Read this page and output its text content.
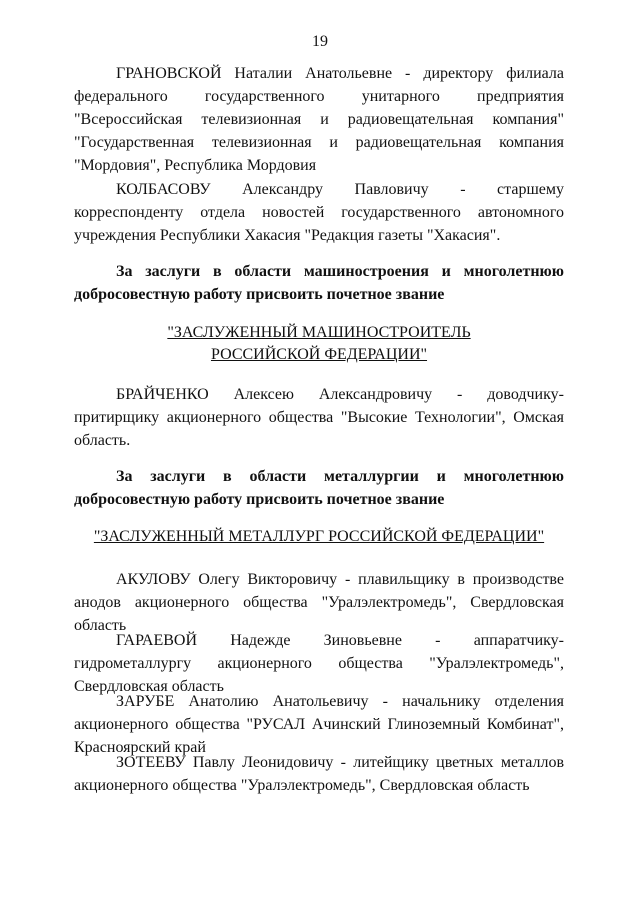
19

ГРАНОВСКОЙ Наталии Анатольевне - директору филиала федерального государственного унитарного предприятия "Всероссийская телевизионная и радиовещательная компания" "Государственная телевизионная и радиовещательная компания "Мордовия", Республика Мордовия

КОЛБАСОВУ Александру Павловичу - старшему корреспонденту отдела новостей государственного автономного учреждения Республики Хакасия "Редакция газеты "Хакасия".

За заслуги в области машиностроения и многолетнюю добросовестную работу присвоить почетное звание

"ЗАСЛУЖЕННЫЙ МАШИНОСТРОИТЕЛЬ
РОССИЙСКОЙ ФЕДЕРАЦИИ"

БРАЙЧЕНКО Алексею Александровичу - доводчику-притирщику акционерного общества "Высокие Технологии", Омская область.

За заслуги в области металлургии и многолетнюю добросовестную работу присвоить почетное звание

"ЗАСЛУЖЕННЫЙ МЕТАЛЛУРГ РОССИЙСКОЙ ФЕДЕРАЦИИ"

АКУЛОВУ Олегу Викторовичу - плавильщику в производстве анодов акционерного общества "Уралэлектромедь", Свердловская область

ГАРАЕВОЙ Надежде Зиновьевне - аппаратчику-гидрометаллургу акционерного общества "Уралэлектромедь", Свердловская область

ЗАРУБЕ Анатолию Анатольевичу - начальнику отделения акционерного общества "РУСАЛ Ачинский Глиноземный Комбинат", Красноярский край

ЗОТЕЕВУ Павлу Леонидовичу - литейщику цветных металлов акционерного общества "Уралэлектромедь", Свердловская область
